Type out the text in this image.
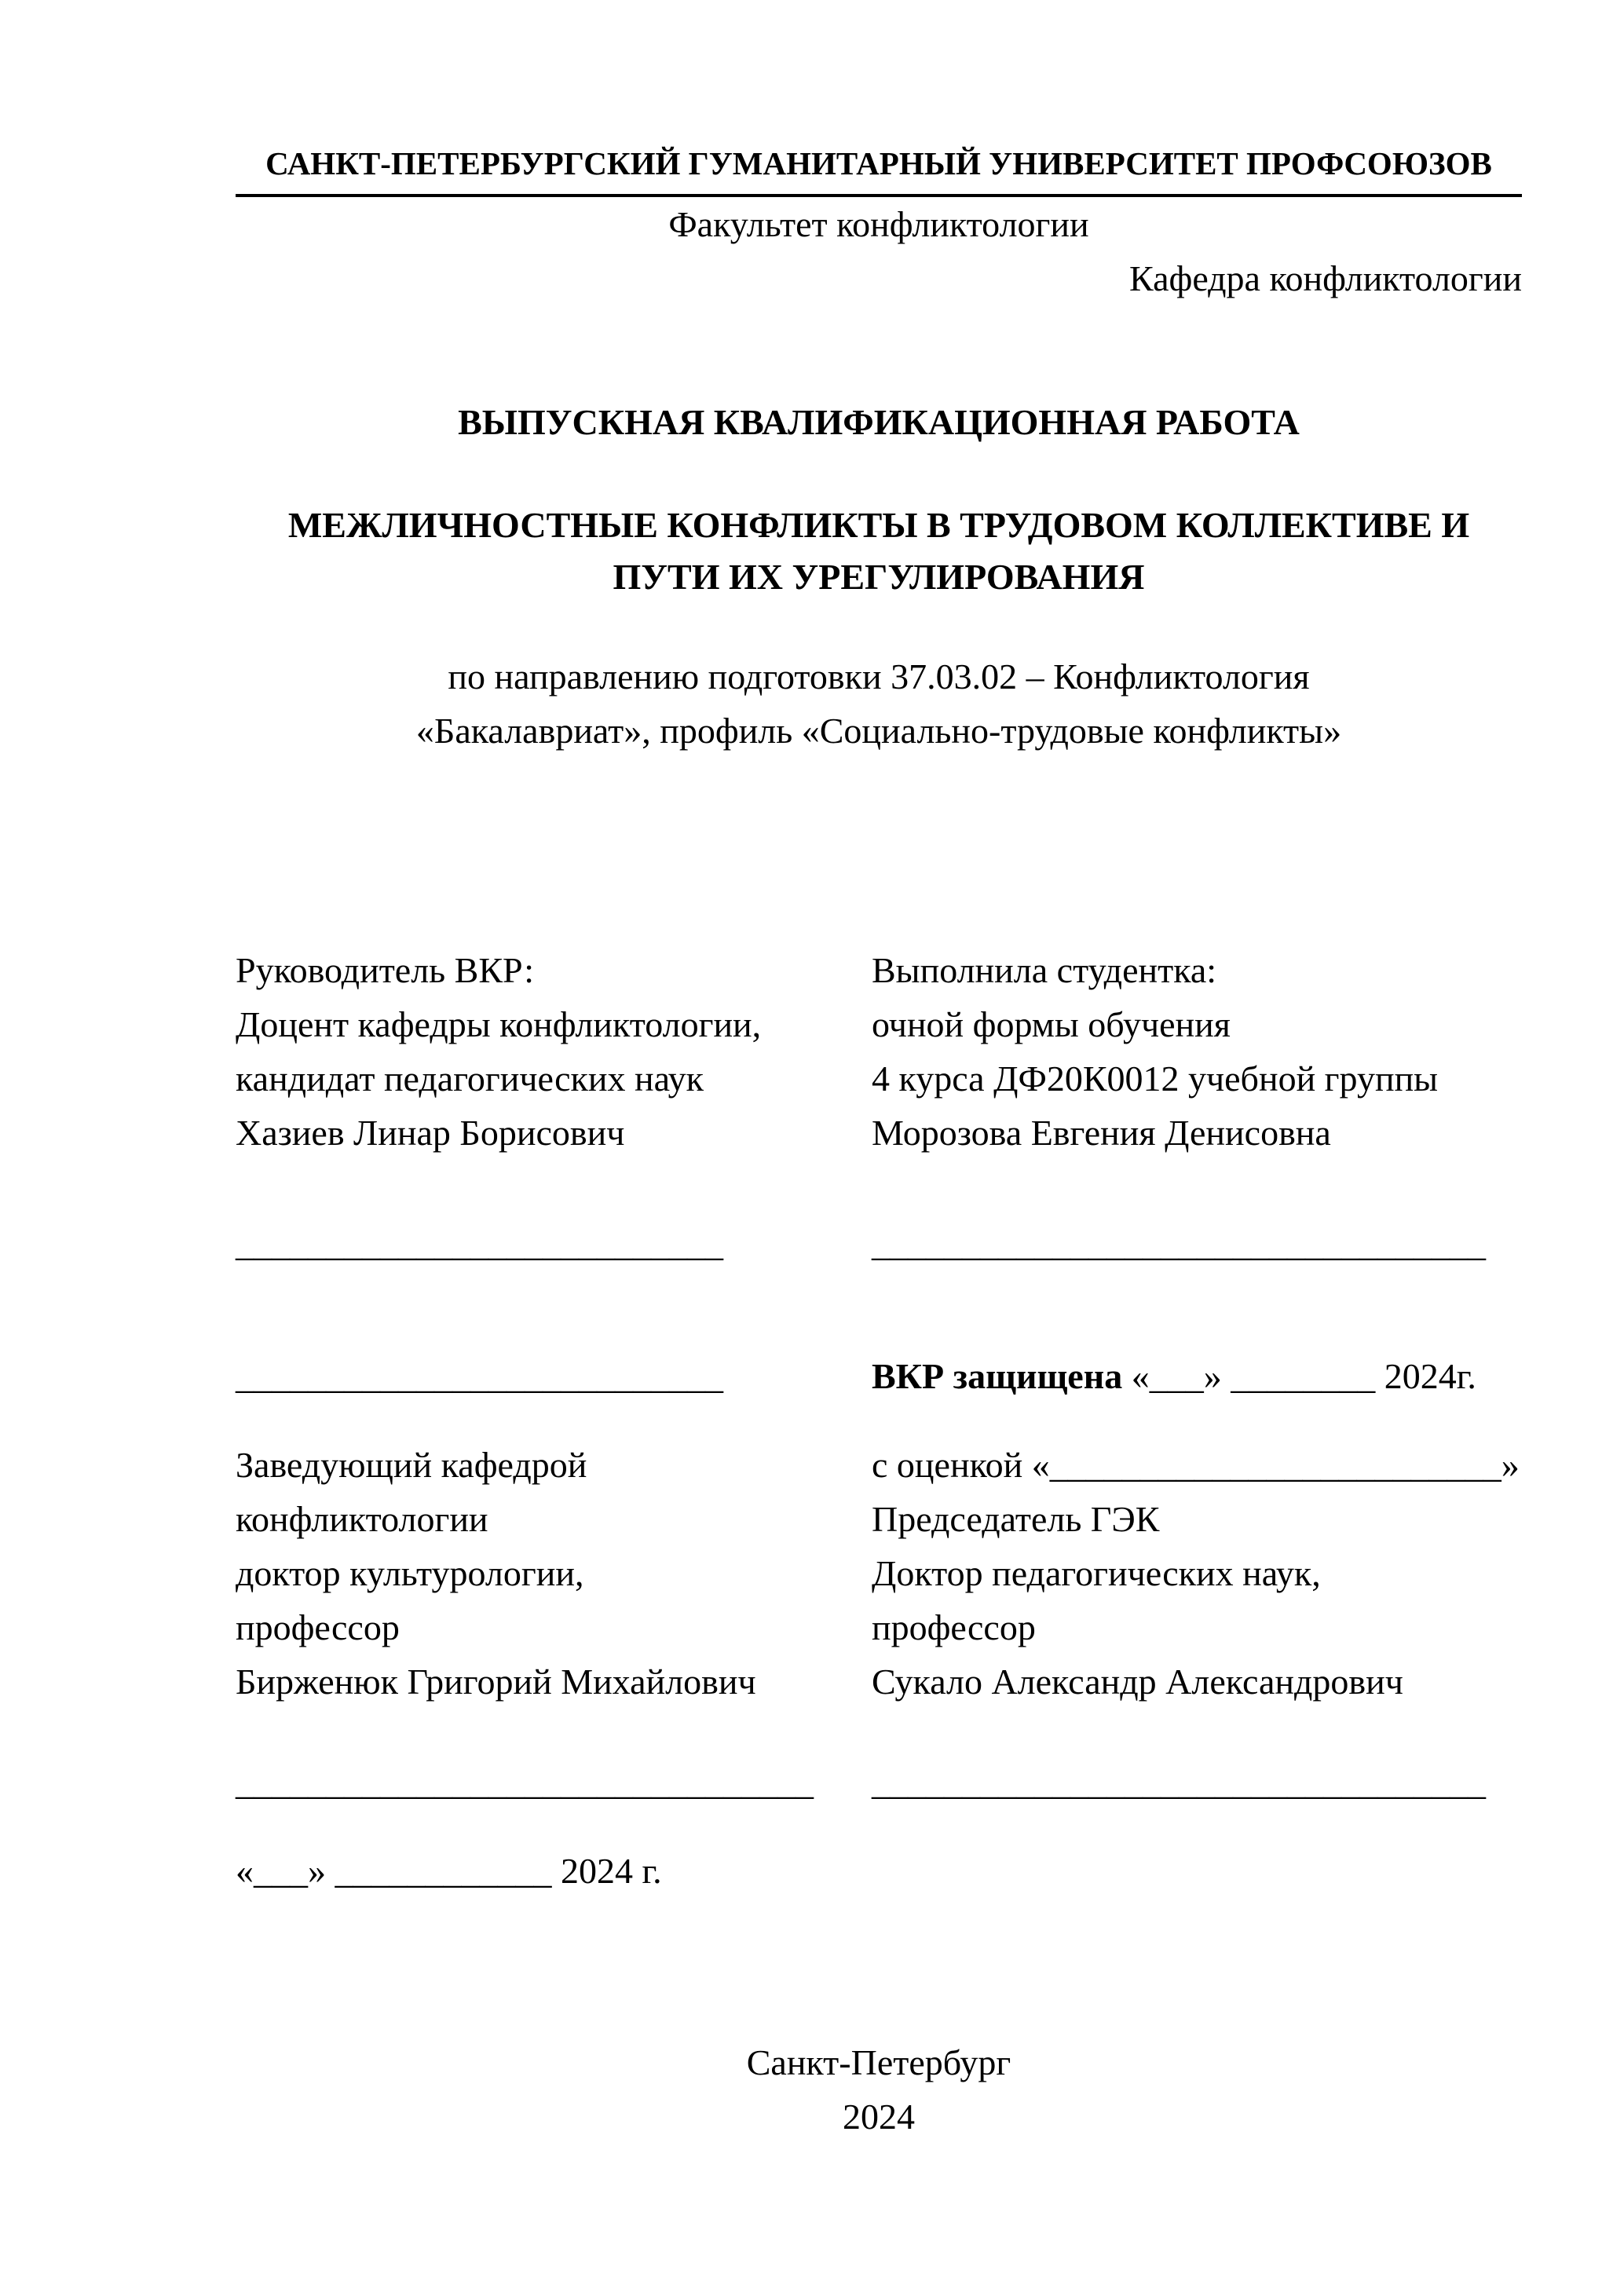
САНКТ-ПЕТЕРБУРГСКИЙ ГУМАНИТАРНЫЙ УНИВЕРСИТЕТ ПРОФСОЮЗОВ
Факультет конфликтологии
Кафедра конфликтологии
ВЫПУСКНАЯ КВАЛИФИКАЦИОННАЯ РАБОТА
МЕЖЛИЧНОСТНЫЕ КОНФЛИКТЫ В ТРУДОВОМ КОЛЛЕКТИВЕ И
ПУТИ ИХ УРЕГУЛИРОВАНИЯ
по направлению подготовки 37.03.02 – Конфликтология
«Бакалавриат», профиль «Социально-трудовые конфликты»
Руководитель ВКР:
Доцент кафедры конфликтологии,
кандидат педагогических наук
Хазиев Линар Борисович
Выполнила студентка:
очной формы обучения
4 курса ДФ20К0012 учебной группы
Морозова Евгения Денисовна
___________________________	__________________________________
___________________________	ВКР защищена «___» ________ 2024г.
Заведующий кафедрой
конфликтологии
доктор культурологии,
профессор
Бирженюк Григорий Михайлович
с оценкой «_________________________»
Председатель ГЭК
Доктор педагогических наук,
профессор
Сукало Александр Александрович
________________________________	__________________________________
«___» ____________ 2024 г.
Санкт-Петербург
2024
